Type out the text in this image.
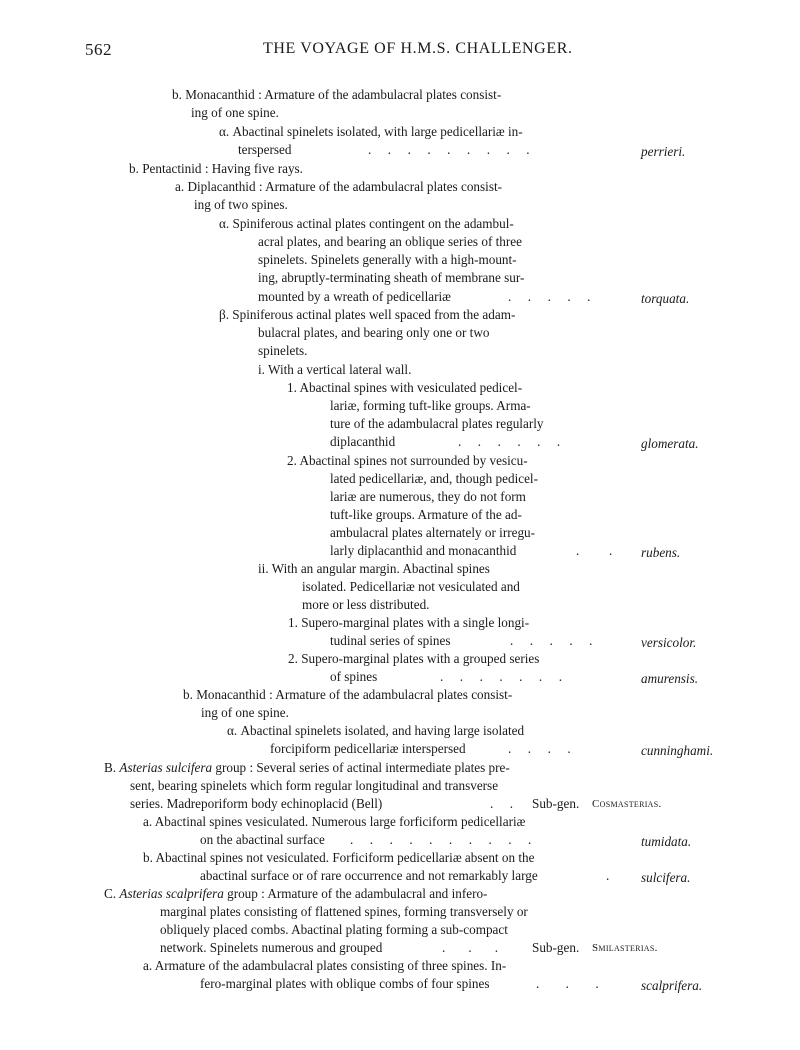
562	THE VOYAGE OF H.M.S. CHALLENGER.
b. Monacanthid : Armature of the adambulacral plates consist-
ing of one spine.
α. Abactinal spinelets isolated, with large pedicellariæ in-
terspersed	.     .     .     .     .     .     .     .     .	perrieri.
b. Pentactinid : Having five rays.
a. Diplacanthid : Armature of the adambulacral plates consist-
ing of two spines.
α. Spiniferous actinal plates contingent on the adambul-
acral plates, and bearing an oblique series of three
spinelets. Spinelets generally with a high-mount-
ing, abruptly-terminating sheath of membrane sur-
mounted by a wreath of pedicellariæ	.     .     .     .     .	torquata.
β. Spiniferous actinal plates well spaced from the adam-
bulacral plates, and bearing only one or two
spinelets.
i. With a vertical lateral wall.
1. Abactinal spines with vesiculated pedicel-
lariæ, forming tuft-like groups. Arma-
ture of the adambulacral plates regularly
diplacanthid	.     .     .     .     .     .	glomerata.
2. Abactinal spines not surrounded by vesicu-
lated pedicellariæ, and, though pedicel-
lariæ are numerous, they do not form
tuft-like groups. Armature of the ad-
ambulacral plates alternately or irregu-
larly diplacanthid and monacanthid	.         . rubens.
ii. With an angular margin. Abactinal spines
isolated. Pedicellariæ not vesiculated and
more or less distributed.
1. Supero-marginal plates with a single longi-
tudinal series of spines	.     .     .     .     .	versicolor.
2. Supero-marginal plates with a grouped series
of spines	.     .     .     .     .     .     .	amurensis.
b. Monacanthid : Armature of the adambulacral plates consist-
ing of one spine.
α. Abactinal spinelets isolated, and having large isolated
forcipiform pedicellariæ interspersed	.     .     .     .	cunninghami.
B. Asterias sulcifera group : Several series of actinal intermediate plates pre-
sent, bearing spinelets which form regular longitudinal and transverse
series. Madreporiform body echinoplacid (Bell)	.     . Sub-gen. Cosmasterias.
a. Abactinal spines vesiculated. Numerous large forficiform pedicellariæ
on the abactinal surface .     .     .     .     .     .     .     .     .     .	tumidata.
b. Abactinal spines not vesiculated. Forficiform pedicellariæ absent on the
abactinal surface or of rare occurrence and not remarkably large	. sulcifera.
C. Asterias scalprifera group : Armature of the adambulacral and infero-
marginal plates consisting of flattened spines, forming transversely or
obliquely placed combs. Abactinal plating forming a sub-compact
network. Spinelets numerous and grouped	.       .       .	Sub-gen. Smilasterias.
a. Armature of the adambulacral plates consisting of three spines. In-
fero-marginal plates with oblique combs of four spines	.        .        .	scalprifera.
